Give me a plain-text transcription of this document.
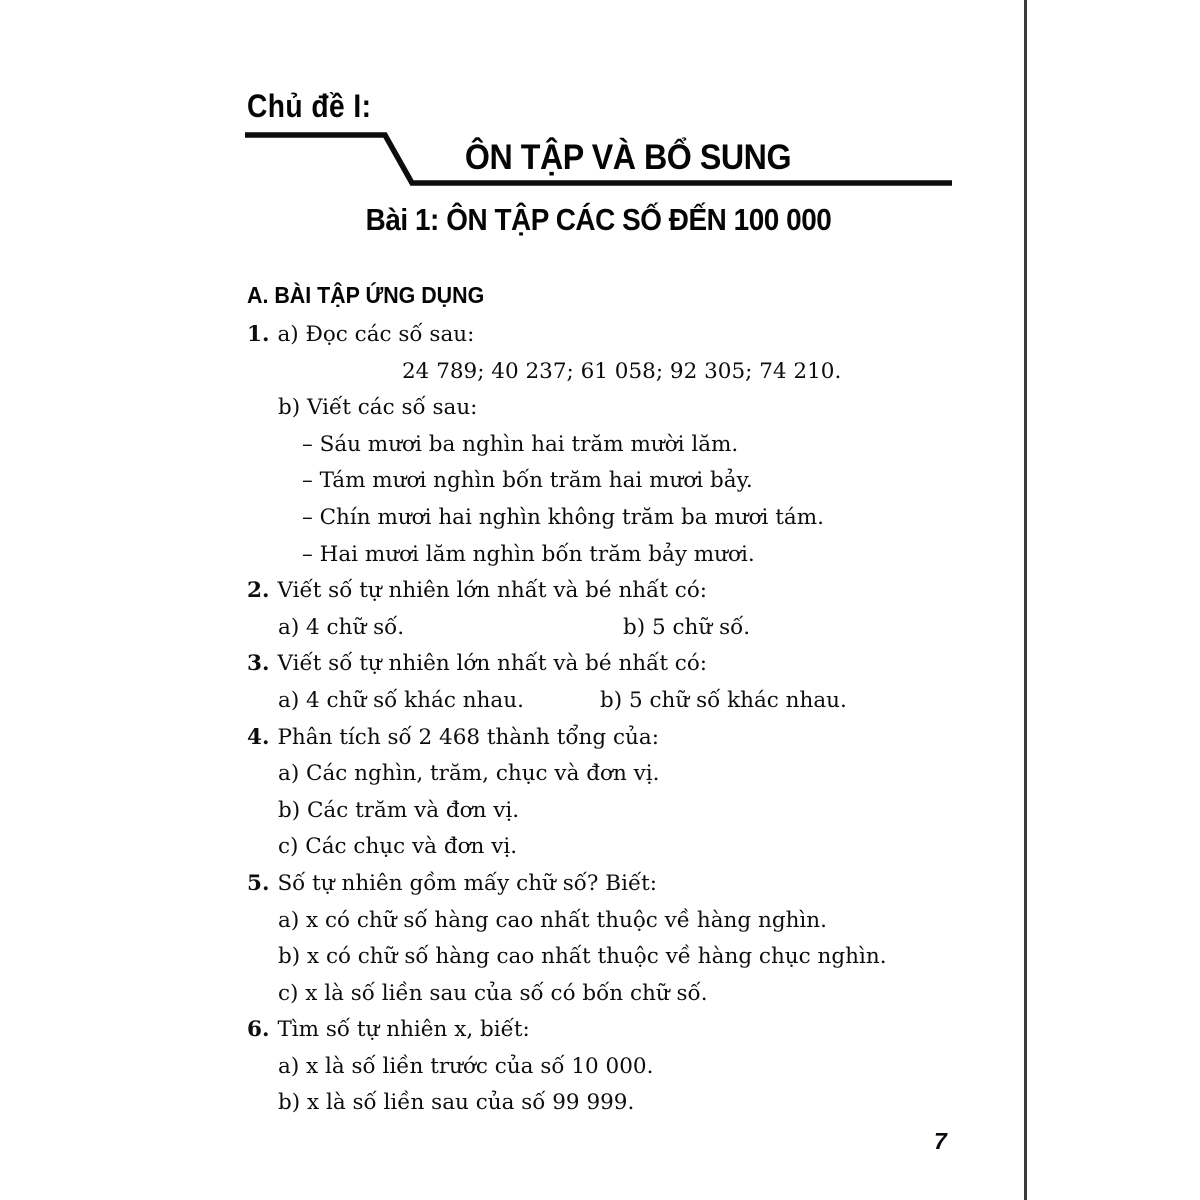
Chủ đề I:
ÔN TẬP VÀ BỔ SUNG
Bài 1: ÔN TẬP CÁC SỐ ĐẾN 100 000
A. BÀI TẬP ỨNG DỤNG
1. a) Đọc các số sau:
24 789; 40 237; 61 058; 92 305; 74 210.
b) Viết các số sau:
– Sáu mươi ba nghìn hai trăm mười lăm.
– Tám mươi nghìn bốn trăm hai mươi bảy.
– Chín mươi hai nghìn không trăm ba mươi tám.
– Hai mươi lăm nghìn bốn trăm bảy mươi.
2. Viết số tự nhiên lớn nhất và bé nhất có:
a) 4 chữ số.	b) 5 chữ số.
3. Viết số tự nhiên lớn nhất và bé nhất có:
a) 4 chữ số khác nhau.	b) 5 chữ số khác nhau.
4. Phân tích số 2 468 thành tổng của:
a) Các nghìn, trăm, chục và đơn vị.
b) Các trăm và đơn vị.
c) Các chục và đơn vị.
5. Số tự nhiên gồm mấy chữ số? Biết:
a) x có chữ số hàng cao nhất thuộc về hàng nghìn.
b) x có chữ số hàng cao nhất thuộc về hàng chục nghìn.
c) x là số liền sau của số có bốn chữ số.
6. Tìm số tự nhiên x, biết:
a) x là số liền trước của số 10 000.
b) x là số liền sau của số 99 999.
7
